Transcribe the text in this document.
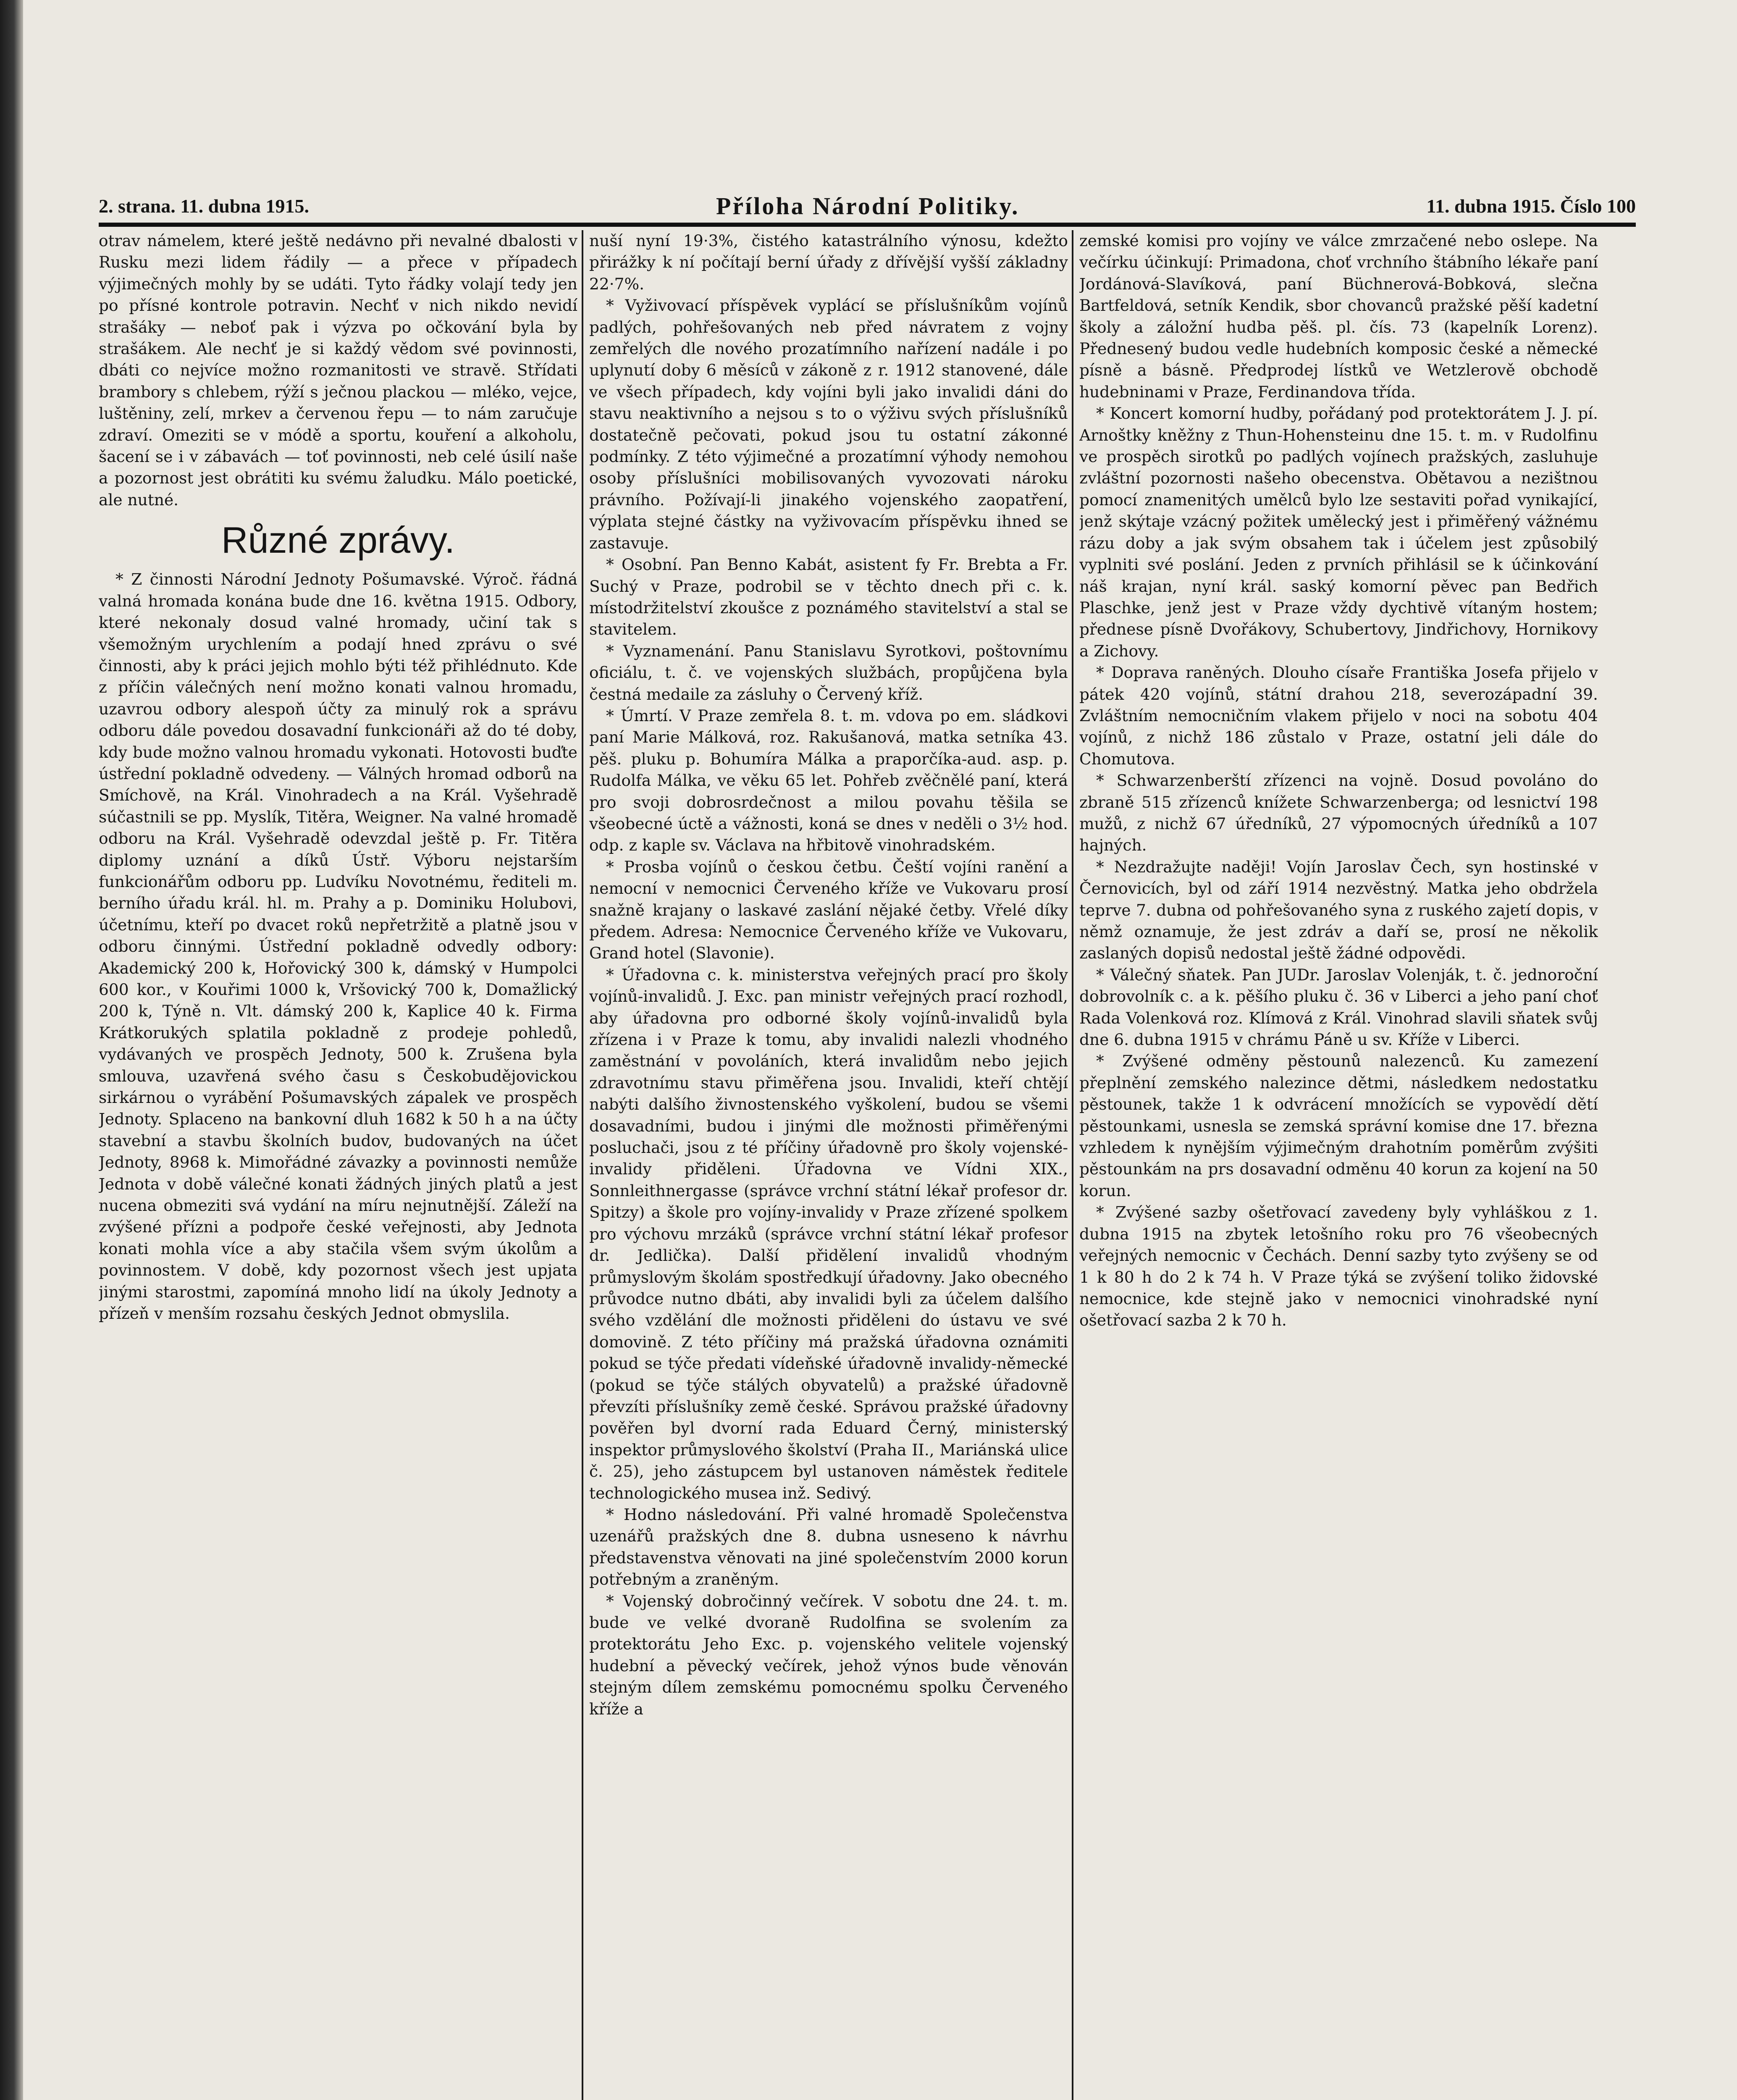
2. strana. 11. dubna 1915.	Příloha Národní Politiky.	11. dubna 1915. Číslo 100

otrav námelem, které ještě nedávno při nevalné dbalosti v Rusku mezi lidem řádily — a přece v případech výjimečných mohly by se udáti. Tyto řádky volají tedy jen po přísné kontrole potravin. Nechť v nich nikdo nevidí strašáky — neboť pak i výzva po očkování byla by strašákem. Ale nechť je si každý vědom své povinnosti, dbáti co nejvíce možno rozmanitosti ve stravě. Střídati brambory s chlebem, rýží s ječnou plackou — mléko, vejce, luštěniny, zelí, mrkev a červenou řepu — to nám zaručuje zdraví. Omeziti se v módě a sportu, kouření a alkoholu, šacení se i v zábavách — toť povinnosti, neb celé úsilí naše a pozornost jest obrátiti ku svému žaludku. Málo poetické, ale nutné.

Různé zprávy.

* Z činnosti Národní Jednoty Pošumavské. Výroč. řádná valná hromada konána bude dne 16. května 1915. Odbory, které nekonaly dosud valné hromady, učiní tak s všemožným urychlením a podají hned zprávu o své činnosti, aby k práci jejich mohlo býti též přihlédnuto. Kde z příčin válečných není možno konati valnou hromadu, uzavrou odbory alespoň účty za minulý rok a správu odboru dále povedou dosavadní funkcionáři až do té doby, kdy bude možno valnou hromadu vykonati. Hotovosti buďte ústřední pokladně odvedeny. — Válných hromad odborů na Smíchově, na Král. Vinohradech a na Král. Vyšehradě súčastnili se pp. Myslík, Titěra, Weigner. Na valné hromadě odboru na Král. Vyšehradě odevzdal ještě p. Fr. Titěra diplomy uznání a díků Ústř. Výboru nejstarším funkcionářům odboru pp. Ludvíku Novotnému, řediteli m. berního úřadu král. hl. m. Prahy a p. Dominiku Holubovi, účetnímu, kteří po dvacet roků nepřetržitě a platně jsou v odboru činnými. Ústřední pokladně odvedly odbory: Akademický 200 k, Hořovický 300 k, dámský v Humpolci 600 kor., v Kouřimi 1000 k, Vršovický 700 k, Domažlický 200 k, Týně n. Vlt. dámský 200 k, Kaplice 40 k. Firma Krátkorukých splatila pokladně z prodeje pohledů, vydávaných ve prospěch Jednoty, 500 k. Zrušena byla smlouva, uzavřená svého času s Českobudějovickou sirkárnou o vyrábění Pošumavských zápalek ve prospěch Jednoty. Splaceno na bankovní dluh 1682 k 50 h a na účty stavební a stavbu školních budov, budovaných na účet Jednoty, 8968 k. Mimořádné závazky a povinnosti nemůže Jednota v době válečné konati žádných jiných platů a jest nucena obmeziti svá vydání na míru nejnutnější. Záleží na zvýšené přízni a podpoře české veřejnosti, aby Jednota konati mohla více a aby stačila všem svým úkolům a povinnostem. V době, kdy pozornost všech jest upjata jinými starostmi, zapomíná mnoho lidí na úkoly Jednoty a přízeň v menším rozsahu českých Jednot obmyslila.

nuší nyní 19·3%, čistého katastrálního výnosu, kdežto přirážky k ní počítají berní úřady z dřívější vyšší základny 22·7%.

* Vyživovací příspěvek vyplácí se příslušníkům vojínů padlých, pohřešovaných neb před návratem z vojny zemřelých dle nového prozatímního nařízení nadále i po uplynutí doby 6 měsíců v zákoně z r. 1912 stanovené, dále ve všech případech, kdy vojíni byli jako invalidi dáni do stavu neaktivního a nejsou s to o výživu svých příslušníků dostatečně pečovati, pokud jsou tu ostatní zákonné podmínky. Z této výjimečné a prozatímní výhody nemohou osoby příslušníci mobilisovaných vyvozovati nároku právního. Požívají-li jinakého vojenského zaopatření, výplata stejné částky na vyživovacím příspěvku ihned se zastavuje.

* Osobní. Pan Benno Kabát, asistent fy Fr. Brebta a Fr. Suchý v Praze, podrobil se v těchto dnech při c. k. místodržitelství zkoušce z poznámého stavitelství a stal se stavitelem.

* Vyznamenání. Panu Stanislavu Syrotkovi, poštovnímu oficiálu, t. č. ve vojenských službách, propůjčena byla čestná medaile za zásluhy o Červený kříž.

* Úmrtí. V Praze zemřela 8. t. m. vdova po em. sládkovi paní Marie Málková, roz. Rakušanová, matka setníka 43. pěš. pluku p. Bohumíra Málka a praporčíka-aud. asp. p. Rudolfa Málka, ve věku 65 let. Pohřeb zvěčnělé paní, která pro svoji dobrosrdečnost a milou povahu těšila se všeobecné úctě a vážnosti, koná se dnes v neděli o 3½ hod. odp. z kaple sv. Václava na hřbitově vinohradském.

* Prosba vojínů o českou četbu. Čeští vojíni ranění a nemocní v nemocnici Červeného kříže ve Vukovaru prosí snažně krajany o laskavé zaslání nějaké četby. Vřelé díky předem. Adresa: Nemocnice Červeného kříže ve Vukovaru, Grand hotel (Slavonie).

* Úřadovna c. k. ministerstva veřejných prací pro školy vojínů-invalidů. J. Exc. pan ministr veřejných prací rozhodl, aby úřadovna pro odborné školy vojínů-invalidů byla zřízena i v Praze k tomu, aby invalidi nalezli vhodného zaměstnání v povoláních, která invalidům nebo jejich zdravotnímu stavu přiměřena jsou. Invalidi, kteří chtějí nabýti dalšího živnostenského vyškolení, budou se všemi dosavadními, budou i jinými dle možnosti přiměřenými posluchači, jsou z té příčiny úřadovně pro školy vojenské-invalidy přiděleni. Úřadovna ve Vídni XIX., Sonnleithnergasse (správce vrchní státní lékař profesor dr. Spitzy) a škole pro vojíny-invalidy v Praze zřízené spolkem pro výchovu mrzáků (správce vrchní státní lékař profesor dr. Jedlička). Další přidělení invalidů vhodným průmyslovým školám spostředkují úřadovny. Jako obecného průvodce nutno dbáti, aby invalidi byli za účelem dalšího svého vzdělání dle možnosti přiděleni do ústavu ve své domovině. Z této příčiny má pražská úřadovna oznámiti pokud se týče předati vídeňské úřadovně invalidy-německé (pokud se týče stálých obyvatelů) a pražské úřadovně převzíti příslušníky země české. Správou pražské úřadovny pověřen byl dvorní rada Eduard Černý, ministerský inspektor průmyslového školství (Praha II., Mariánská ulice č. 25), jeho zástupcem byl ustanoven náměstek ředitele technologického musea inž. Sedivý.

* Hodno následování. Při valné hromadě Společenstva uzenářů pražských dne 8. dubna usneseno k návrhu představenstva věnovati na jiné společenstvím 2000 korun potřebným a zraněným.

* Vojenský dobročinný večírek. V sobotu dne 24. t. m. bude ve velké dvoraně Rudolfina se svolením za protektorátu Jeho Exc. p. vojenského velitele vojenský hudební a pěvecký večírek, jehož výnos bude věnován stejným dílem zemskému pomocnému spolku Červeného kříže a

zemské komisi pro vojíny ve válce zmrzačené nebo oslepe. Na večírku účinkují: Primadona, choť vrchního štábního lékaře paní Jordánová-Slavíková, paní Büchnerová-Bobková, slečna Bartfeldová, setník Kendik, sbor chovanců pražské pěší kadetní školy a záložní hudba pěš. pl. čís. 73 (kapelník Lorenz). Přednesený budou vedle hudebních komposic české a německé písně a básně. Předprodej lístků ve Wetzlerově obchodě hudebninami v Praze, Ferdinandova třída.

* Koncert komorní hudby, pořádaný pod protektorátem J. J. pí. Arnoštky kněžny z Thun-Hohensteinu dne 15. t. m. v Rudolfinu ve prospěch sirotků po padlých vojínech pražských, zasluhuje zvláštní pozornosti našeho obecenstva. Obětavou a nezištnou pomocí znamenitých umělců bylo lze sestaviti pořad vynikající, jenž skýtaje vzácný požitek umělecký jest i přiměřený vážnému rázu doby a jak svým obsahem tak i účelem jest způsobilý vyplniti své poslání. Jeden z prvních přihlásil se k účinkování náš krajan, nyní král. saský komorní pěvec pan Bedřich Plaschke, jenž jest v Praze vždy dychtivě vítaným hostem; přednese písně Dvořákovy, Schubertovy, Jindřichovy, Hornikovy a Zichovy.

* Doprava raněných. Dlouho císaře Františka Josefa přijelo v pátek 420 vojínů, státní drahou 218, severozápadní 39. Zvláštním nemocničním vlakem přijelo v noci na sobotu 404 vojínů, z nichž 186 zůstalo v Praze, ostatní jeli dále do Chomutova.

* Schwarzenberští zřízenci na vojně. Dosud povoláno do zbraně 515 zřízenců knížete Schwarzenberga; od lesnictví 198 mužů, z nichž 67 úředníků, 27 výpomocných úředníků a 107 hajných.

* Nezdražujte naději! Vojín Jaroslav Čech, syn hostinské v Černovicích, byl od září 1914 nezvěstný. Matka jeho obdržela teprve 7. dubna od pohřešovaného syna z ruského zajetí dopis, v němž oznamuje, že jest zdráv a daří se, prosí ne několik zaslaných dopisů nedostal ještě žádné odpovědi.

* Válečný sňatek. Pan JUDr. Jaroslav Volenják, t. č. jednoroční dobrovolník c. a k. pěšího pluku č. 36 v Liberci a jeho paní choť Rada Volenková roz. Klímová z Král. Vinohrad slavili sňatek svůj dne 6. dubna 1915 v chrámu Páně u sv. Kříže v Liberci.

* Zvýšené odměny pěstounů nalezenců. Ku zamezení přeplnění zemského nalezince dětmi, následkem nedostatku pěstounek, takže 1 k odvrácení množících se vypovědí dětí pěstounkami, usnesla se zemská správní komise dne 17. března vzhledem k nynějším výjimečným drahotním poměrům zvýšiti pěstounkám na prs dosavadní odměnu 40 korun za kojení na 50 korun.

* Zvýšené sazby ošetřovací zavedeny byly vyhláškou z 1. dubna 1915 na zbytek letošního roku pro 76 všeobecných veřejných nemocnic v Čechách. Denní sazby tyto zvýšeny se od 1 k 80 h do 2 k 74 h. V Praze týká se zvýšení toliko židovské nemocnice, kde stejně jako v nemocnici vinohradské nyní ošetřovací sazba 2 k 70 h.
